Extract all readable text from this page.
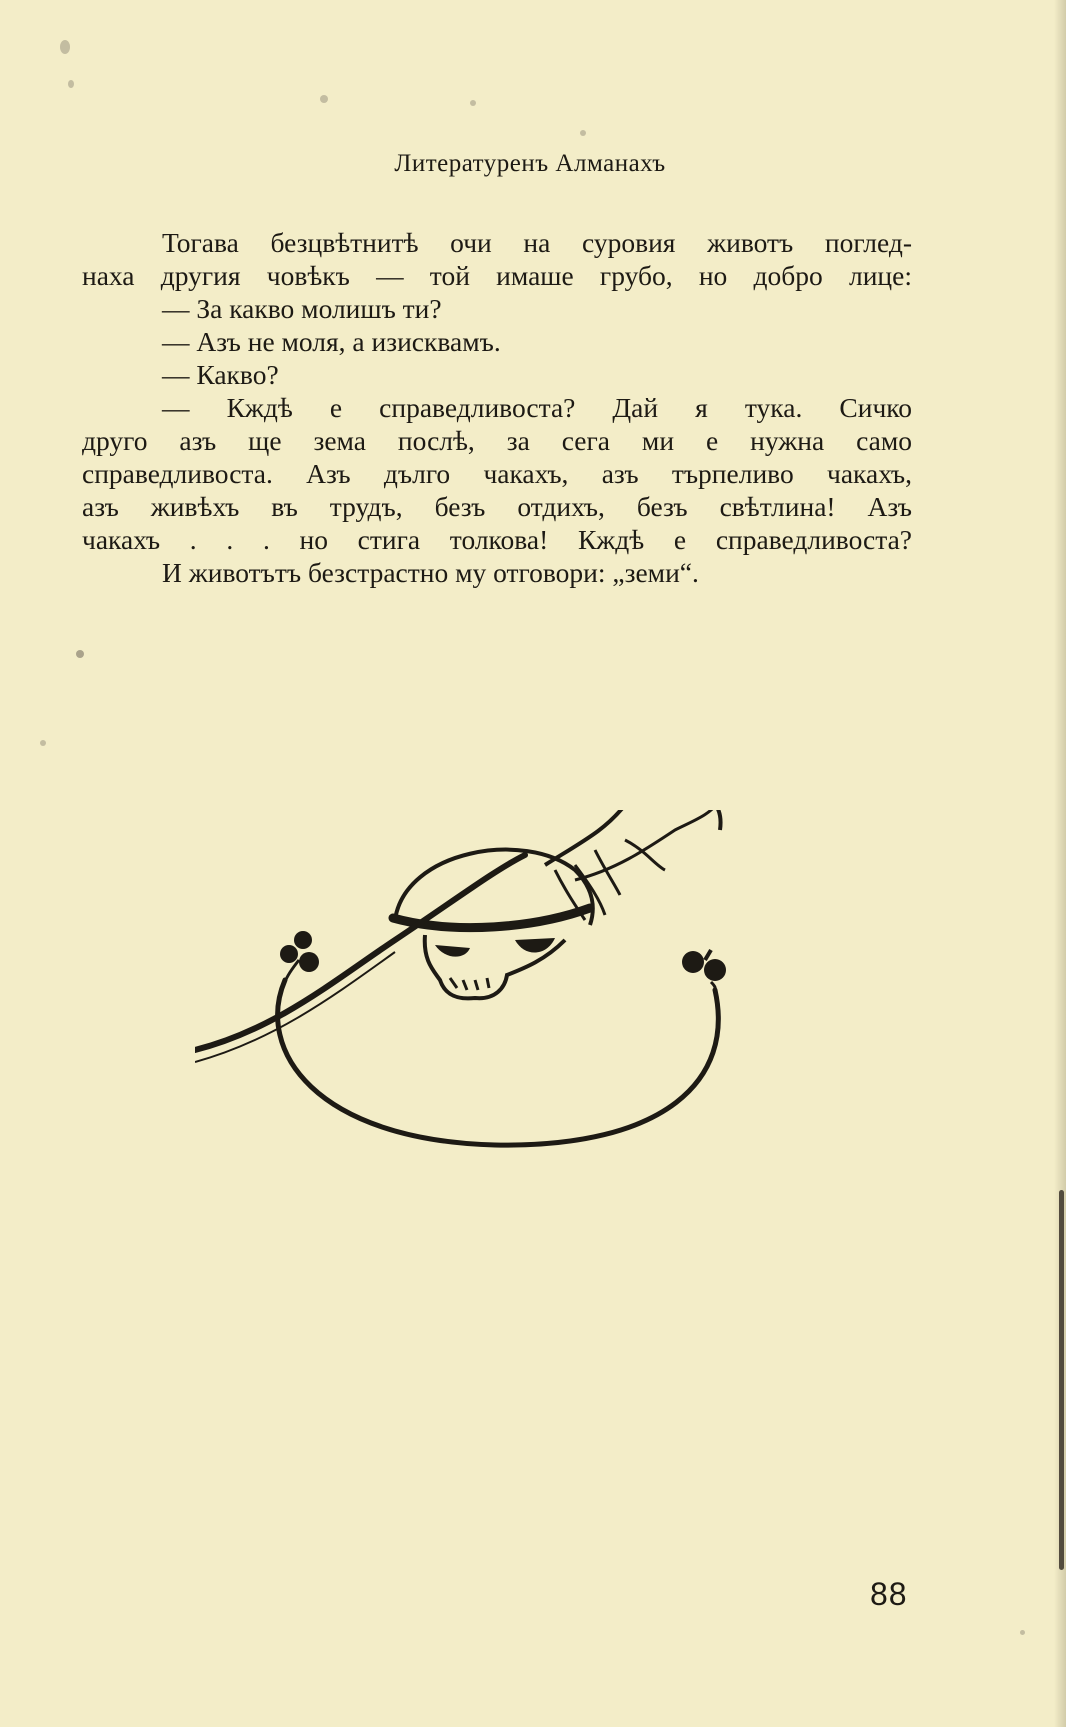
Литературенъ Алманахъ
Тогава безцвѣтнитѣ очи на суровия животъ поглед-
наха другия човѣкъ — той имаше грубо, но добро лице:
— За какво молишъ ти?
— Азъ не моля, а изисквамъ.
— Какво?
— Кждѣ е справедливоста? Дай я тука. Сичко
друго азъ ще зема послѣ, за сега ми е нужна само
справедливоста. Азъ дълго чакахъ, азъ търпеливо чакахъ,
азъ живѣхъ въ трудъ, безъ отдихъ, безъ свѣтлина! Азъ
чакахъ . . . но стига толкова! Кждѣ е справедливоста?
И животътъ безстрастно му отговори: „земи“.
88
